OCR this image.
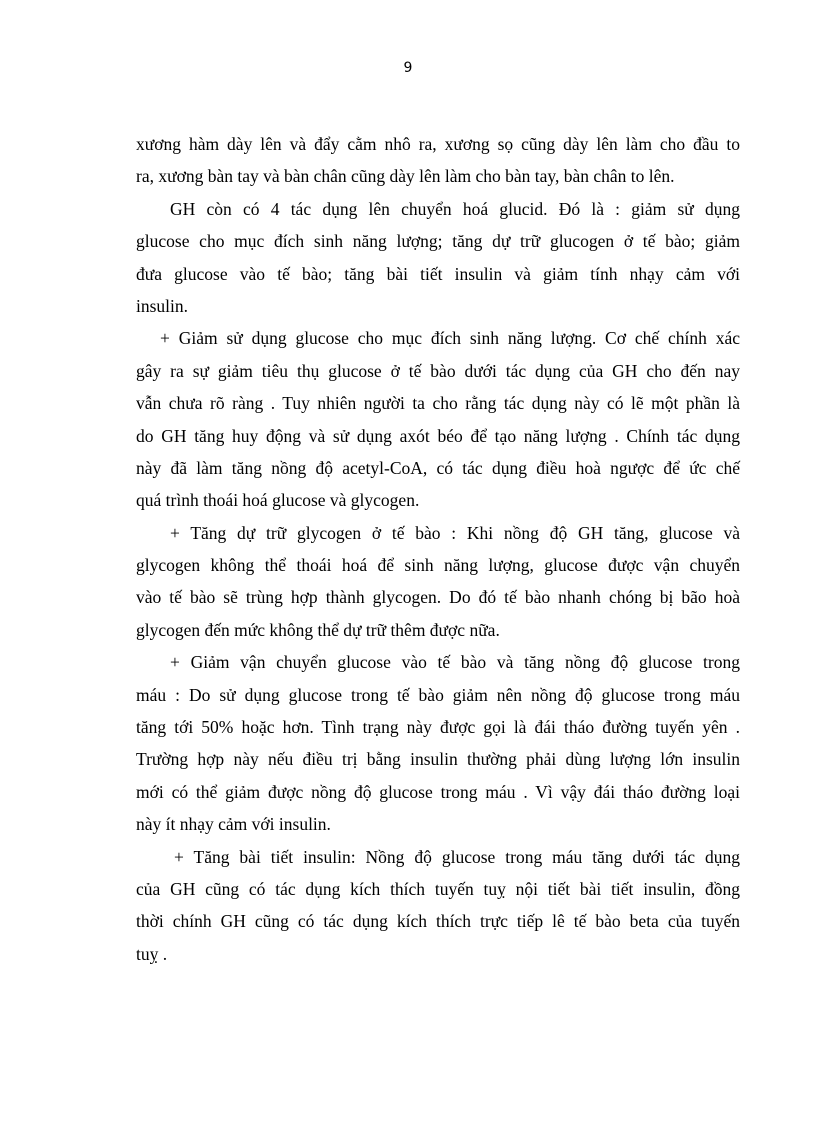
9
xương hàm dày lên và đẩy cằm nhô ra, xương sọ cũng dày lên làm cho đầu to
ra, xương bàn tay và bàn chân cũng dày lên làm cho bàn tay, bàn chân to lên.
GH còn có 4 tác dụng lên chuyển hoá glucid. Đó là : giảm sử dụng
glucose cho mục đích sinh năng lượng; tăng dự trữ glucogen ở tế bào; giảm
đưa glucose vào tế bào; tăng bài tiết insulin và giảm tính nhạy cảm với
insulin.
+ Giảm sử dụng glucose cho mục đích sinh năng lượng. Cơ chế chính xác
gây ra sự giảm tiêu thụ glucose ở tế bào dưới tác dụng của GH cho đến nay
vẫn chưa rõ ràng . Tuy nhiên người ta cho rằng tác dụng này có lẽ một phần là
do GH tăng huy động và sử dụng axót béo để tạo năng lượng . Chính tác dụng
này đã làm tăng nồng độ acetyl-CoA, có tác dụng điều hoà ngược để ức chế
quá trình thoái hoá glucose và glycogen.
+ Tăng dự trữ glycogen ở tế bào : Khi nồng độ GH tăng, glucose và
glycogen không thể thoái hoá để sinh năng lượng, glucose được vận chuyển
vào tế bào sẽ trùng hợp thành glycogen. Do đó tế bào nhanh chóng bị bão hoà
glycogen đến mức không thể dự trữ thêm được nữa.
+ Giảm vận chuyển glucose vào tế bào và tăng nồng độ glucose trong
máu : Do sử dụng glucose trong tế bào giảm nên nồng độ glucose trong máu
tăng tới 50% hoặc hơn. Tình trạng này được gọi là đái tháo đường tuyến yên .
Trường hợp này nếu điều trị bằng insulin thường phải dùng lượng lớn insulin
mới có thể giảm được nồng độ glucose trong máu . Vì vậy đái tháo đường loại
này ít nhạy cảm với insulin.
+ Tăng bài tiết insulin: Nồng độ glucose trong máu tăng dưới tác dụng
của GH cũng có tác dụng kích thích tuyến tuỵ nội tiết bài tiết insulin, đồng
thời chính GH cũng có tác dụng kích thích trực tiếp lê tế bào beta của tuyến
tuỵ .
